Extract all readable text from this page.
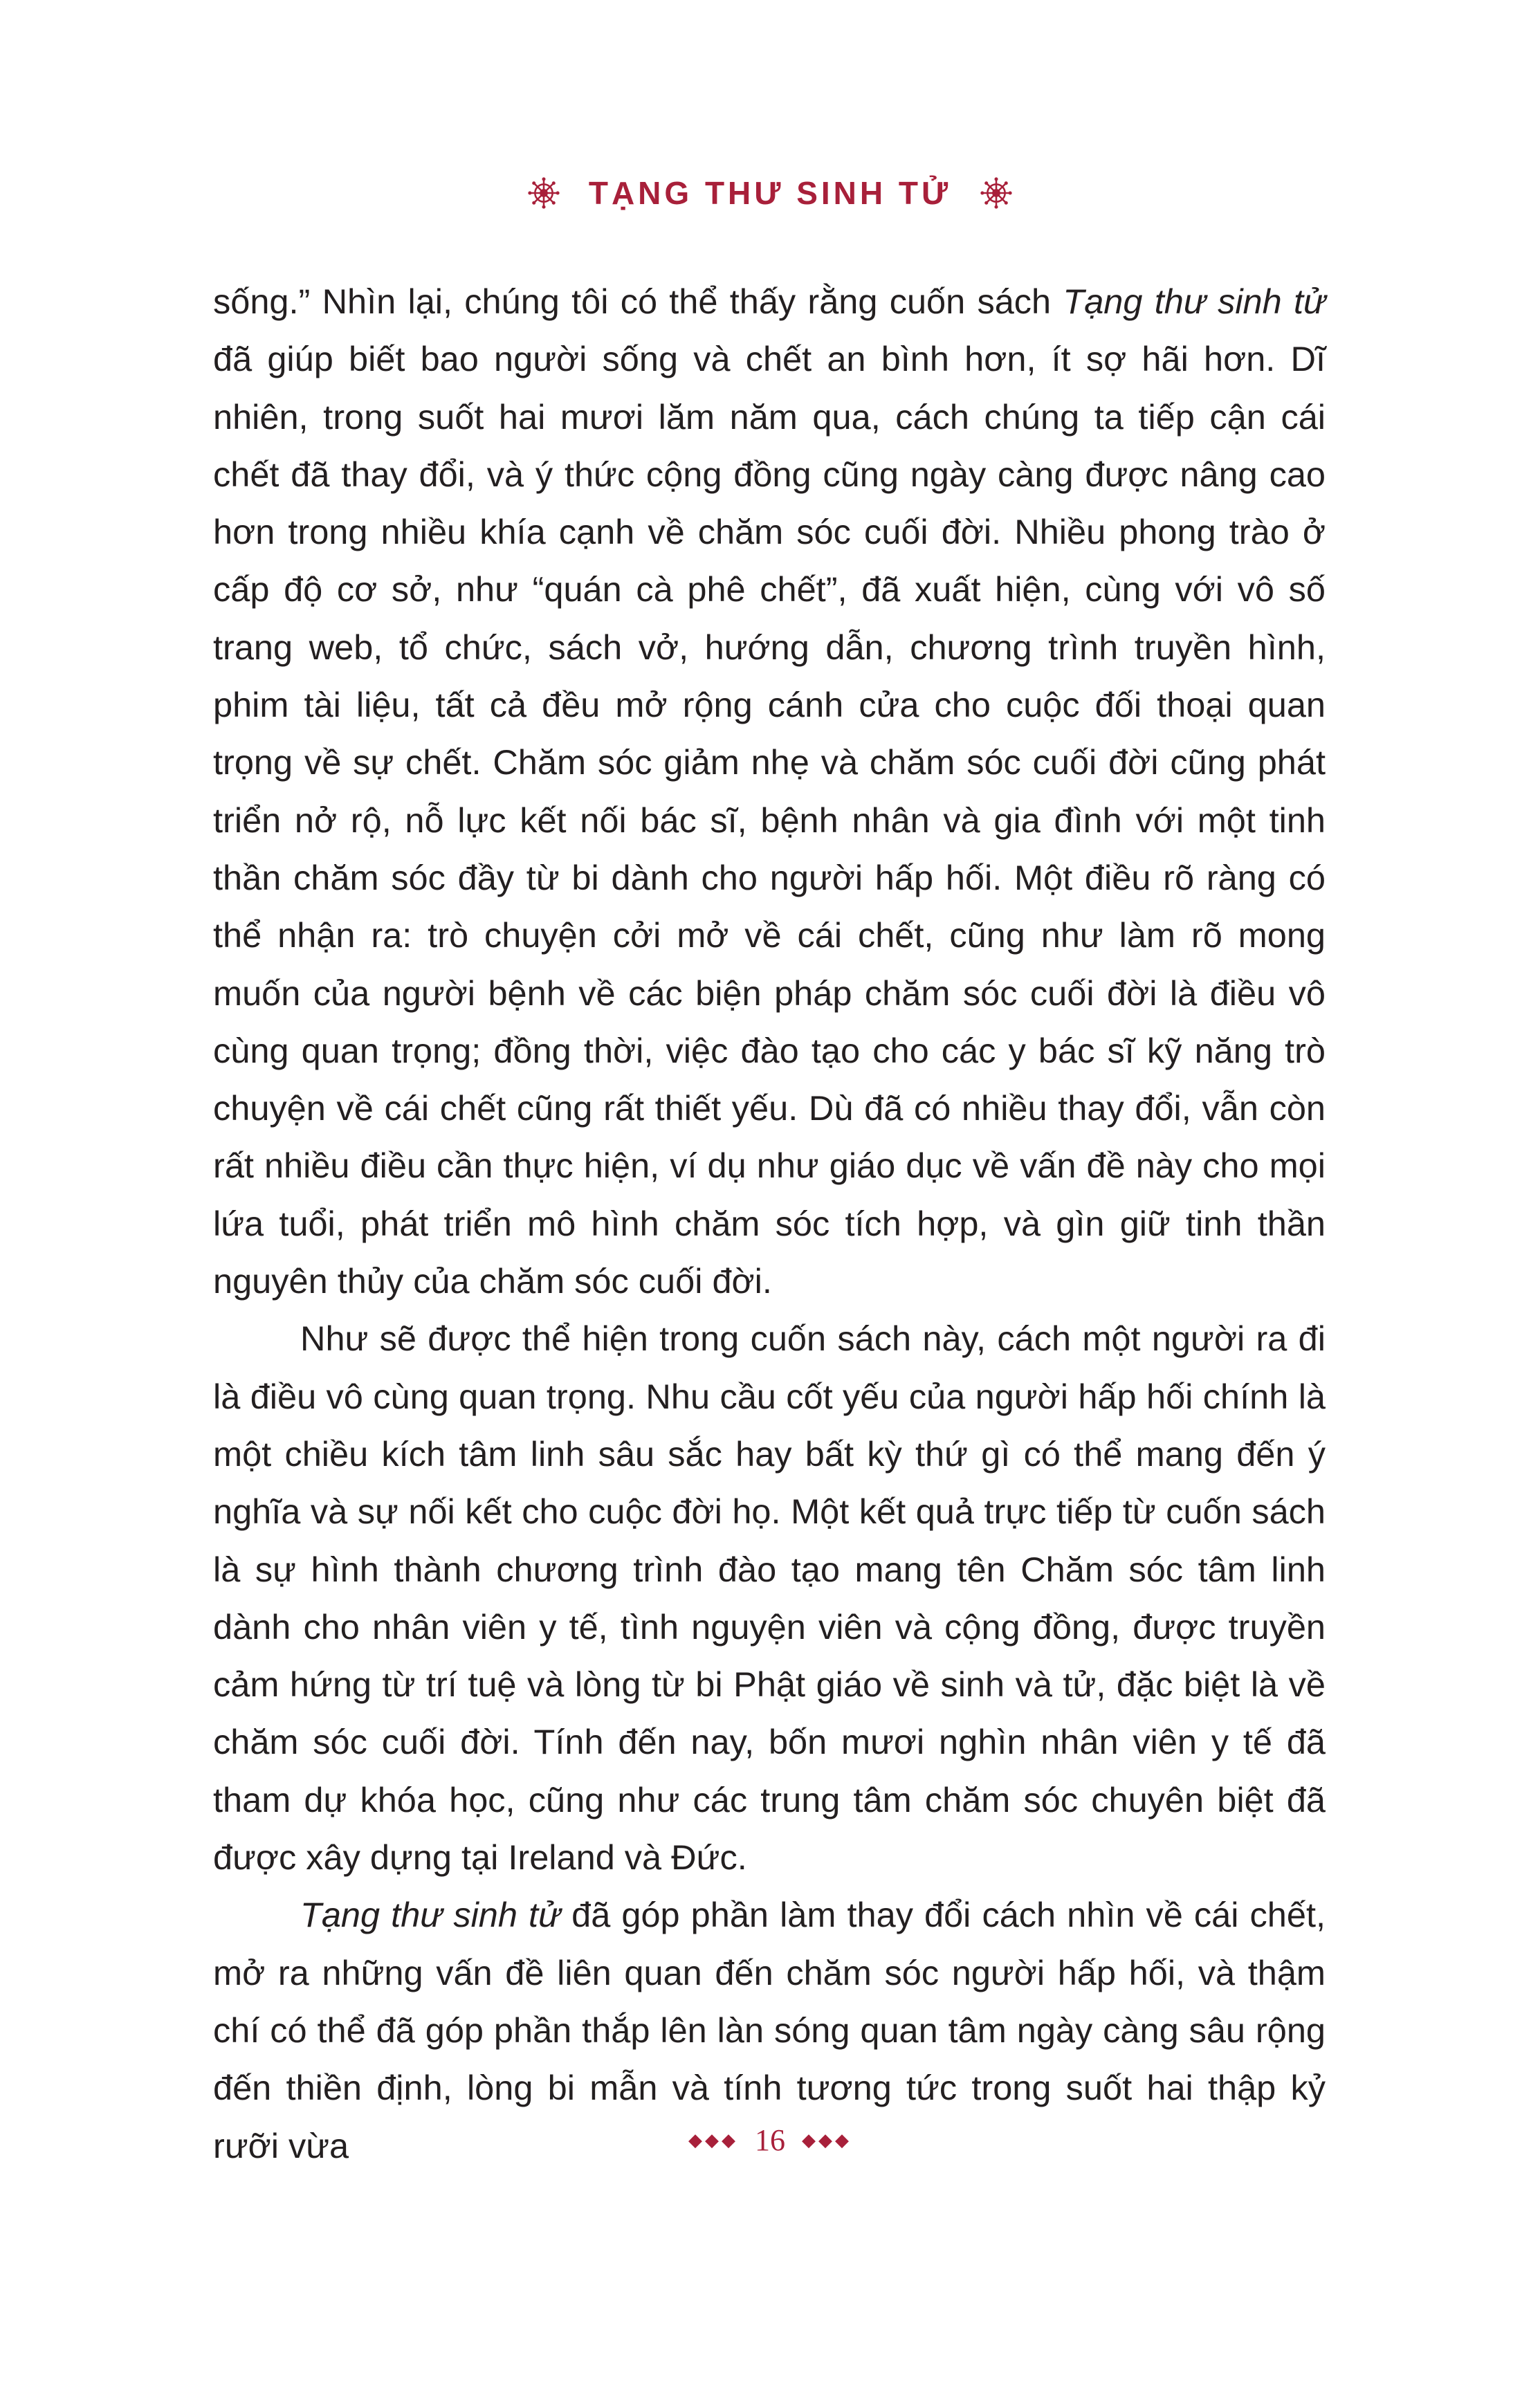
TẠNG THƯ SINH TỬ

sống.” Nhìn lại, chúng tôi có thể thấy rằng cuốn sách Tạng thư sinh tử đã giúp biết bao người sống và chết an bình hơn, ít sợ hãi hơn. Dĩ nhiên, trong suốt hai mươi lăm năm qua, cách chúng ta tiếp cận cái chết đã thay đổi, và ý thức cộng đồng cũng ngày càng được nâng cao hơn trong nhiều khía cạnh về chăm sóc cuối đời. Nhiều phong trào ở cấp độ cơ sở, như “quán cà phê chết”, đã xuất hiện, cùng với vô số trang web, tổ chức, sách vở, hướng dẫn, chương trình truyền hình, phim tài liệu, tất cả đều mở rộng cánh cửa cho cuộc đối thoại quan trọng về sự chết. Chăm sóc giảm nhẹ và chăm sóc cuối đời cũng phát triển nở rộ, nỗ lực kết nối bác sĩ, bệnh nhân và gia đình với một tinh thần chăm sóc đầy từ bi dành cho người hấp hối. Một điều rõ ràng có thể nhận ra: trò chuyện cởi mở về cái chết, cũng như làm rõ mong muốn của người bệnh về các biện pháp chăm sóc cuối đời là điều vô cùng quan trọng; đồng thời, việc đào tạo cho các y bác sĩ kỹ năng trò chuyện về cái chết cũng rất thiết yếu. Dù đã có nhiều thay đổi, vẫn còn rất nhiều điều cần thực hiện, ví dụ như giáo dục về vấn đề này cho mọi lứa tuổi, phát triển mô hình chăm sóc tích hợp, và gìn giữ tinh thần nguyên thủy của chăm sóc cuối đời.

Như sẽ được thể hiện trong cuốn sách này, cách một người ra đi là điều vô cùng quan trọng. Nhu cầu cốt yếu của người hấp hối chính là một chiều kích tâm linh sâu sắc hay bất kỳ thứ gì có thể mang đến ý nghĩa và sự nối kết cho cuộc đời họ. Một kết quả trực tiếp từ cuốn sách là sự hình thành chương trình đào tạo mang tên Chăm sóc tâm linh dành cho nhân viên y tế, tình nguyện viên và cộng đồng, được truyền cảm hứng từ trí tuệ và lòng từ bi Phật giáo về sinh và tử, đặc biệt là về chăm sóc cuối đời. Tính đến nay, bốn mươi nghìn nhân viên y tế đã tham dự khóa học, cũng như các trung tâm chăm sóc chuyên biệt đã được xây dựng tại Ireland và Đức.

Tạng thư sinh tử đã góp phần làm thay đổi cách nhìn về cái chết, mở ra những vấn đề liên quan đến chăm sóc người hấp hối, và thậm chí có thể đã góp phần thắp lên làn sóng quan tâm ngày càng sâu rộng đến thiền định, lòng bi mẫn và tính tương tức trong suốt hai thập kỷ rưỡi vừa	◆◆◆ 16 ◆◆◆
